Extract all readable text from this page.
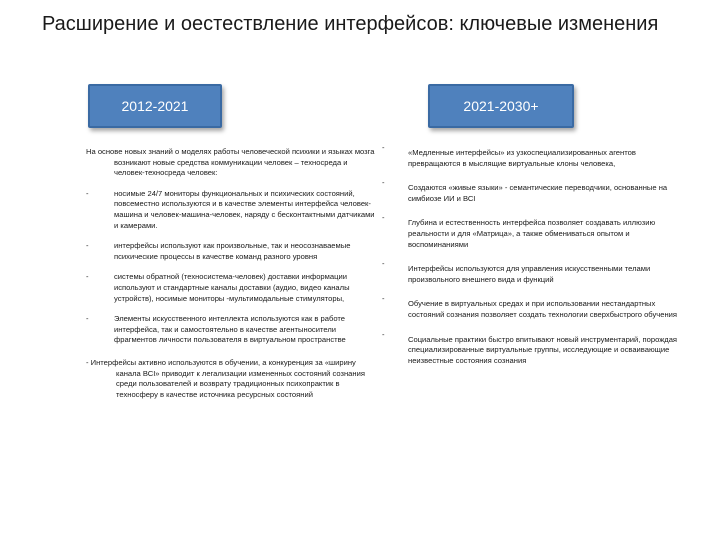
Расширение и оестествление интерфейсов: ключевые изменения
2012-2021	2021-2030+

На основе новых знаний о моделях работы человеческой психики и языках мозга возникают новые средства коммуникации человек – техносреда и человек-техносреда человек:

-	носимые 24/7 мониторы функциональных и психических состояний, повсеместно используются и в качестве элементы интерфейса человек-машина и человек-машина-человек, наряду с бесконтактными датчиками и камерами.

-	интерфейсы используют как произвольные, так и неосознаваемые психические процессы в качестве команд разного уровня

-	системы обратной (техносистема-человек) доставки информации используют и стандартные каналы доставки (аудио, видео каналы устройств), носимые мониторы -мультимодальные стимуляторы,

-	Элементы искусственного интеллекта используются как в работе интерфейса, так и самостоятельно в качестве агентыносители фрагментов личности пользователя в виртуальном пространстве

- Интерфейсы активно используются в обучении, а конкуренция за «ширину канала ВСI» приводит к легализации измененных состояний сознания среди пользователей и возврату традиционных психопрактик в техносферу в качестве источника ресурсных состояний

-
«Медленные интерфейсы» из узкоспециализированных агентов превращаются в мыслящие виртуальные клоны человека,

-
Создаются «живые языки» - семантические переводчики, основанные на симбиозе ИИ и ВСI

-
Глубина и естественность интерфейса позволяет создавать иллюзию реальности и для «Матрица», а также обмениваться опытом и воспоминаниями

-
Интерфейсы используются для управления искусственными телами произвольного внешнего вида и функций

-
Обучение в виртуальных средах и при использовании нестандартных состояний сознания позволяет создать технологии сверхбыстрого обучения

-
Социальные практики быстро впитывают новый инструментарий, порождая специализированные виртуальные группы, исследующие и осваивающие неизвестные состояния сознания
